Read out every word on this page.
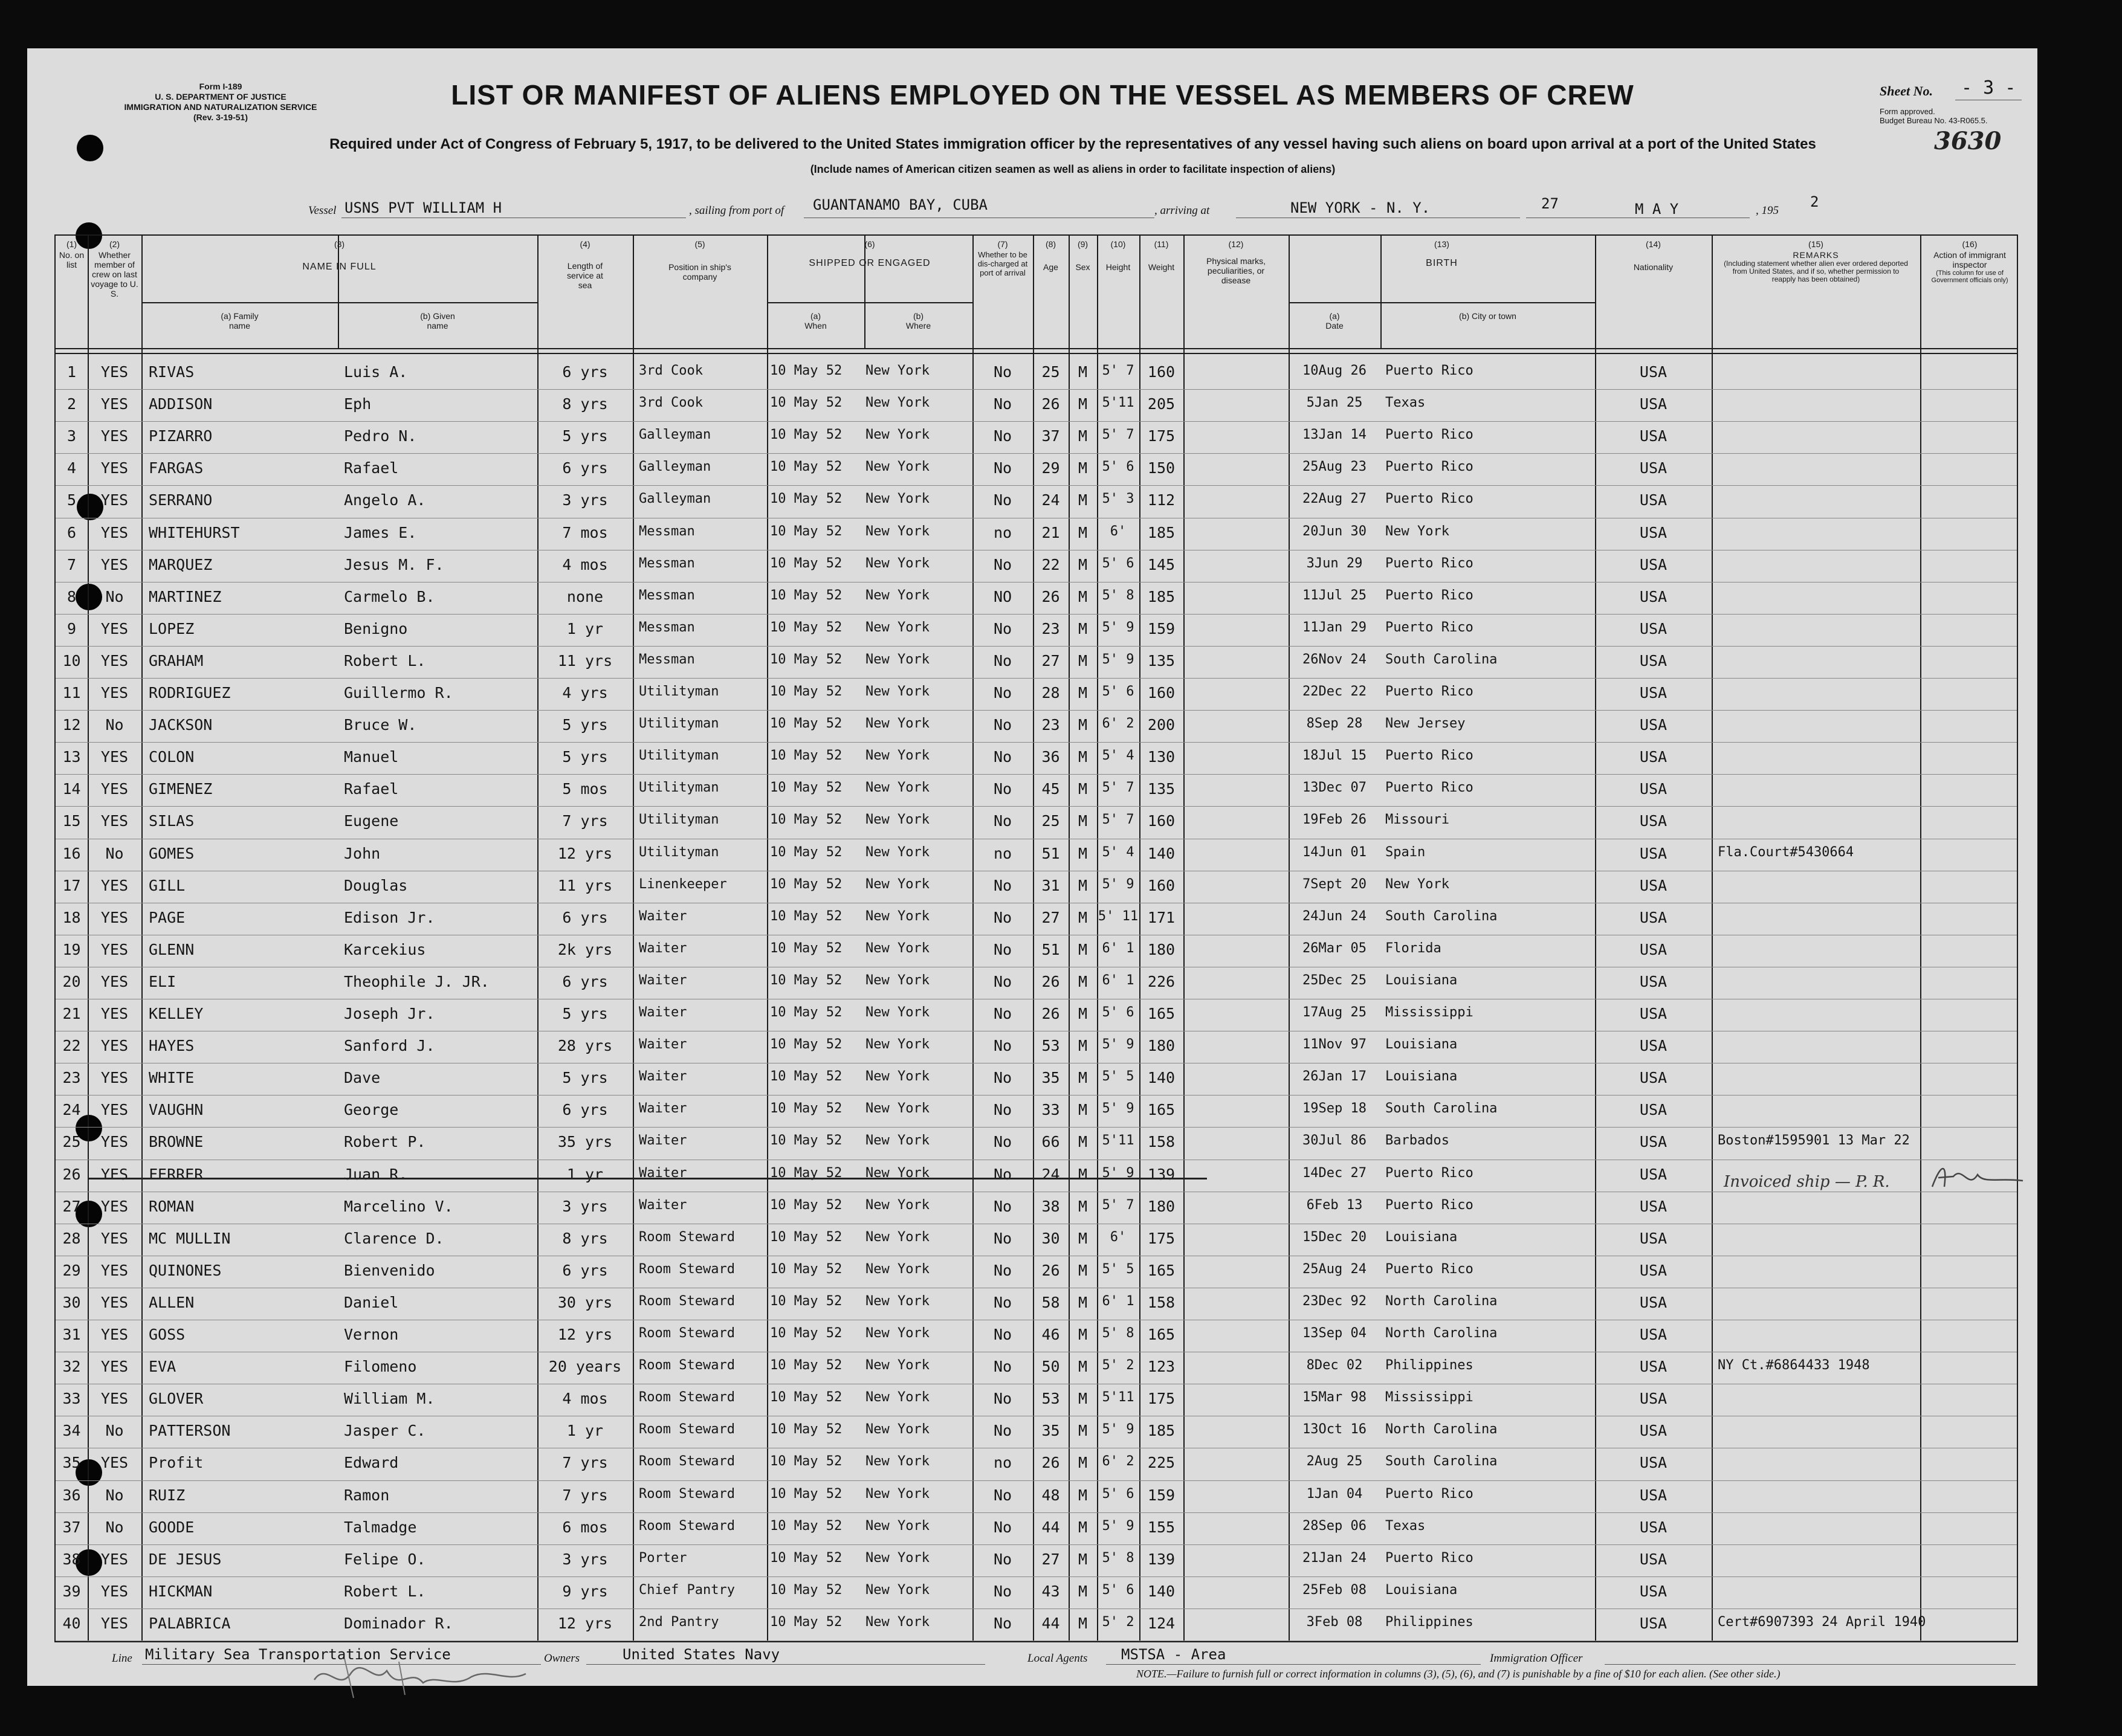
Form I-189
U. S. DEPARTMENT OF JUSTICE
IMMIGRATION AND NATURALIZATION SERVICE
(Rev. 3-19-51)
LIST OR MANIFEST OF ALIENS EMPLOYED ON THE VESSEL AS MEMBERS OF CREW
Required under Act of Congress of February 5, 1917, to be delivered to the United States immigration officer by the representatives of any vessel having such aliens on board upon arrival at a port of the United States
(Include names of American citizen seamen as well as aliens in order to facilitate inspection of aliens)
Sheet No. - 3 -
Form approved.
Budget Bureau No. 43-R065.5.
3630
Vessel USNS PVT WILLIAM H	, sailing from port of GUANTANAMO BAY, CUBA	, arriving at	NEW YORK - N. Y.	27	M A Y	, 195
2
(1)
No. on list
(2)
Whether member of crew on last voyage to U. S.
(3)
NAME IN FULL
(a) Family name
(b) Given name
(4)
Length of service at sea
(5)
Position in ship's company
(6)
SHIPPED OR ENGAGED
(a) When
(b) Where
(7)
Whether to be dis-charged at port of arrival
(8)
Age
(9)
Sex
(10)
Height
(11)
Weight
(12)
Physical marks, peculiarities, or disease
(13)
BIRTH
(a) Date
(b) City or town
(14)
Nationality
(15)
REMARKS
(Including statement whether alien ever ordered deported from United States, and if so, whether permission to reapply has been obtained)
(16)
Action of immigrant inspector
(This column for use of Government officials only)
1	YES	RIVAS	Luis A.	6 yrs	3rd Cook	10 May 52	New York	No	25	M	5' 7 160	10Aug 26	Puerto Rico	USA
2	YES	ADDISON	Eph	8 yrs	3rd Cook	10 May 52	New York	No	26	M	5'11 205	5Jan 25	Texas	USA
3	YES	PIZARRO	Pedro N.	5 yrs	Galleyman	10 May 52	New York	No	37	M	5' 7 175	13Jan 14	Puerto Rico	USA
4	YES	FARGAS	Rafael	6 yrs	Galleyman	10 May 52	New York	No	29	M	5' 6 150	25Aug 23	Puerto Rico	USA
5	YES	SERRANO	Angelo A.	3 yrs	Galleyman	10 May 52	New York	No	24	M	5' 3 112	22Aug 27	Puerto Rico	USA
6	YES	WHITEHURST	James E.	7 mos	Messman	10 May 52	New York	no	21	M	6'	185	20Jun 30	New York	USA
7	YES	MARQUEZ	Jesus M. F.	4 mos	Messman	10 May 52	New York	No	22	M	5' 6 145	3Jun 29	Puerto Rico	USA
8	No	MARTINEZ	Carmelo B.	none	Messman	10 May 52	New York	NO	26	M	5' 8 185	11Jul 25	Puerto Rico	USA
9	YES	LOPEZ	Benigno	1 yr	Messman	10 May 52	New York	No	23	M	5' 9 159	11Jan 29	Puerto Rico	USA
10	YES	GRAHAM	Robert L.	11 yrs	Messman	10 May 52	New York	No	27	M	5' 9 135	26Nov 24	South Carolina	USA
11	YES	RODRIGUEZ	Guillermo R.	4 yrs	Utilityman	10 May 52	New York	No	28	M	5' 6 160	22Dec 22	Puerto Rico	USA
12	No	JACKSON	Bruce W.	5 yrs	Utilityman	10 May 52	New York	No	23	M	6' 2 200	8Sep 28	New Jersey	USA
13	YES	COLON	Manuel	5 yrs	Utilityman	10 May 52	New York	No	36	M	5' 4 130	18Jul 15	Puerto Rico	USA
14	YES	GIMENEZ	Rafael	5 mos	Utilityman	10 May 52	New York	No	45	M	5' 7 135	13Dec 07	Puerto Rico	USA
15	YES	SILAS	Eugene	7 yrs	Utilityman	10 May 52	New York	No	25	M	5' 7 160	19Feb 26	Missouri	USA
16	No	GOMES	John	12 yrs	Utilityman	10 May 52	New York	no	51	M	5' 4 140	14Jun 01	Spain	USA	Fla.Court#5430664
17	YES	GILL	Douglas	11 yrs	Linenkeeper	10 May 52	New York	No	31	M	5' 9 160	7Sept 20	New York	USA
18	YES	PAGE	Edison Jr.	6 yrs	Waiter	10 May 52	New York	No	27	M 5' 11 171	24Jun 24	South Carolina	USA
19	YES	GLENN	Karcekius	2k yrs	Waiter	10 May 52	New York	No	51	M	6' 1 180	26Mar 05	Florida	USA
20	YES	ELI	Theophile J. JR.	6 yrs	Waiter	10 May 52	New York	No	26	M	6' 1 226	25Dec 25	Louisiana	USA
21	YES	KELLEY	Joseph Jr.	5 yrs	Waiter	10 May 52	New York	No	26	M	5' 6 165	17Aug 25	Mississippi	USA
22	YES	HAYES	Sanford J.	28 yrs	Waiter	10 May 52	New York	No	53	M	5' 9 180	11Nov 97	Louisiana	USA
23	YES	WHITE	Dave	5 yrs	Waiter	10 May 52	New York	No	35	M	5' 5 140	26Jan 17	Louisiana	USA
24	YES	VAUGHN	George	6 yrs	Waiter	10 May 52	New York	No	33	M	5' 9 165	19Sep 18	South Carolina	USA
25	YES	BROWNE	Robert P.	35 yrs	Waiter	10 May 52	New York	No	66	M	5'11 158	30Jul 86	Barbados	USA	Boston#1595901 13 Mar 22
26	YES	FERRER	Juan R.	1 yr	Waiter	10 May 52	New York	No	24	M	5' 9 139	14Dec 27	Puerto Rico	USA
27	YES	ROMAN	Marcelino V.	3 yrs	Waiter	10 May 52	New York	No	38	M	5' 7 180	6Feb 13	Puerto Rico	USA
28	YES	MC MULLIN	Clarence D.	8 yrs	Room Steward	10 May 52	New York	No	30	M	6'	175	15Dec 20	Louisiana	USA
29	YES	QUINONES	Bienvenido	6 yrs	Room Steward	10 May 52	New York	No	26	M	5' 5 165	25Aug 24	Puerto Rico	USA
30	YES	ALLEN	Daniel	30 yrs	Room Steward	10 May 52	New York	No	58	M	6' 1 158	23Dec 92	North Carolina	USA
31	YES	GOSS	Vernon	12 yrs	Room Steward	10 May 52	New York	No	46	M	5' 8 165	13Sep 04	North Carolina	USA
32	YES	EVA	Filomeno	20 years	Room Steward	10 May 52	New York	No	50	M	5' 2 123	8Dec 02	Philippines	USA	NY Ct.#6864433 1948
33	YES	GLOVER	William M.	4 mos	Room Steward	10 May 52	New York	No	53	M	5'11 175	15Mar 98	Mississippi	USA
34	No	PATTERSON	Jasper C.	1 yr	Room Steward	10 May 52	New York	No	35	M	5' 9 185	13Oct 16	North Carolina	USA
35	YES	Profit	Edward	7 yrs	Room Steward	10 May 52	New York	no	26	M	6' 2 225	2Aug 25	South Carolina	USA
36	No	RUIZ	Ramon	7 yrs	Room Steward	10 May 52	New York	No	48	M	5' 6 159	1Jan 04	Puerto Rico	USA
37	No	GOODE	Talmadge	6 mos	Room Steward	10 May 52	New York	No	44	M	5' 9 155	28Sep 06	Texas	USA
38	YES	DE JESUS	Felipe O.	3 yrs	Porter	10 May 52	New York	No	27	M	5' 8 139	21Jan 24	Puerto Rico	USA
39	YES	HICKMAN	Robert L.	9 yrs	Chief Pantry	10 May 52	New York	No	43	M	5' 6 140	25Feb 08	Louisiana	USA
40	YES	PALABRICA	Dominador R.	12 yrs	2nd Pantry	10 May 52	New York	No	44	M	5' 2 124	3Feb 08	Philippines	USA	Cert#6907393 24 April 1940
Invoiced ship — P. R.
Line Military Sea Transportation Service	Owners	United States Navy	Local Agents MSTSA - Area	Immigration Officer
NOTE.—Failure to furnish full or correct information in columns (3), (5), (6), and (7) is punishable by a fine of $10 for each alien. (See other side.)
